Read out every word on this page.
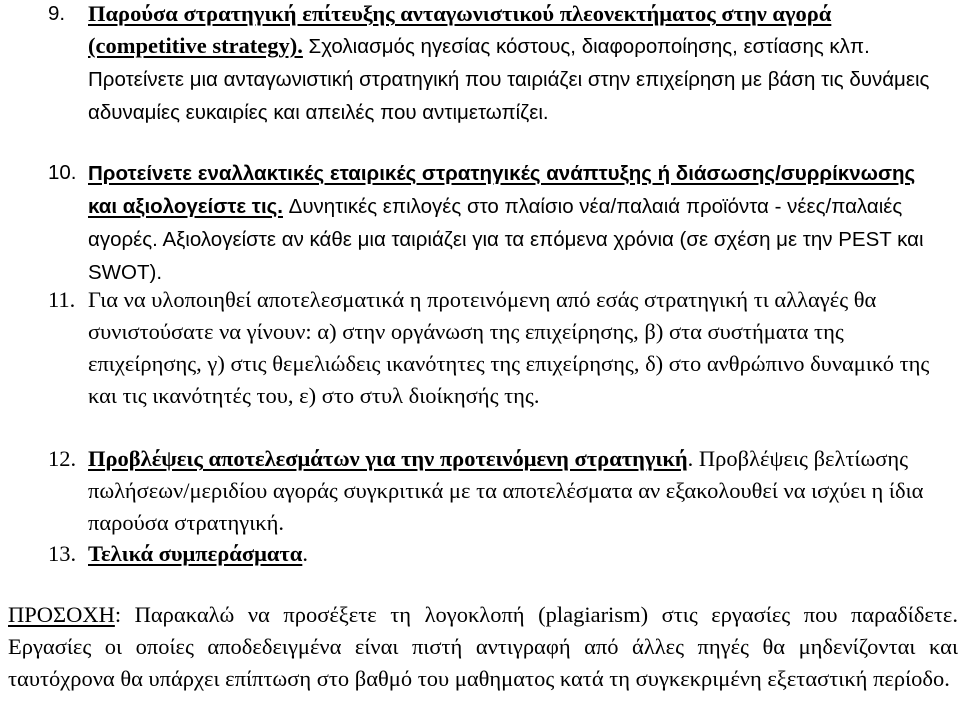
9. Παρούσα στρατηγική επίτευξης ανταγωνιστικού πλεονεκτήματος στην αγορά (competitive strategy). Σχολιασμός ηγεσίας κόστους, διαφοροποίησης, εστίασης κλπ. Προτείνετε μια ανταγωνιστική στρατηγική που ταιριάζει στην επιχείρηση με βάση τις δυνάμεις αδυναμίες ευκαιρίες και απειλές που αντιμετωπίζει.
10. Προτείνετε εναλλακτικές εταιρικές στρατηγικές ανάπτυξης ή διάσωσης/συρρίκνωσης και αξιολογείστε τις. Δυνητικές επιλογές στο πλαίσιο νέα/παλαιά προϊόντα - νέες/παλαιές αγορές. Αξιολογείστε αν κάθε μια ταιριάζει για τα επόμενα χρόνια (σε σχέση με την PEST και SWOT).
11. Για να υλοποιηθεί αποτελεσματικά η προτεινόμενη από εσάς στρατηγική τι αλλαγές θα συνιστούσατε να γίνουν: α) στην οργάνωση της επιχείρησης, β) στα συστήματα της επιχείρησης, γ) στις θεμελιώδεις ικανότητες της επιχείρησης, δ) στο ανθρώπινο δυναμικό της και τις ικανότητές του, ε) στο στυλ διοίκησής της.
12. Προβλέψεις αποτελεσμάτων για την προτεινόμενη στρατηγική. Προβλέψεις βελτίωσης πωλήσεων/μεριδίου αγοράς συγκριτικά με τα αποτελέσματα αν εξακολουθεί να ισχύει η ίδια παρούσα στρατηγική.
13. Τελικά συμπεράσματα.
ΠΡΟΣΟΧΗ: Παρακαλώ να προσέξετε τη λογοκλοπή (plagiarism) στις εργασίες που παραδίδετε. Εργασίες οι οποίες αποδεδειγμένα είναι πιστή αντιγραφή από άλλες πηγές θα μηδενίζονται και ταυτόχρονα θα υπάρχει επίπτωση στο βαθμό του μαθηματος κατά τη συγκεκριμένη εξεταστική περίοδο.
